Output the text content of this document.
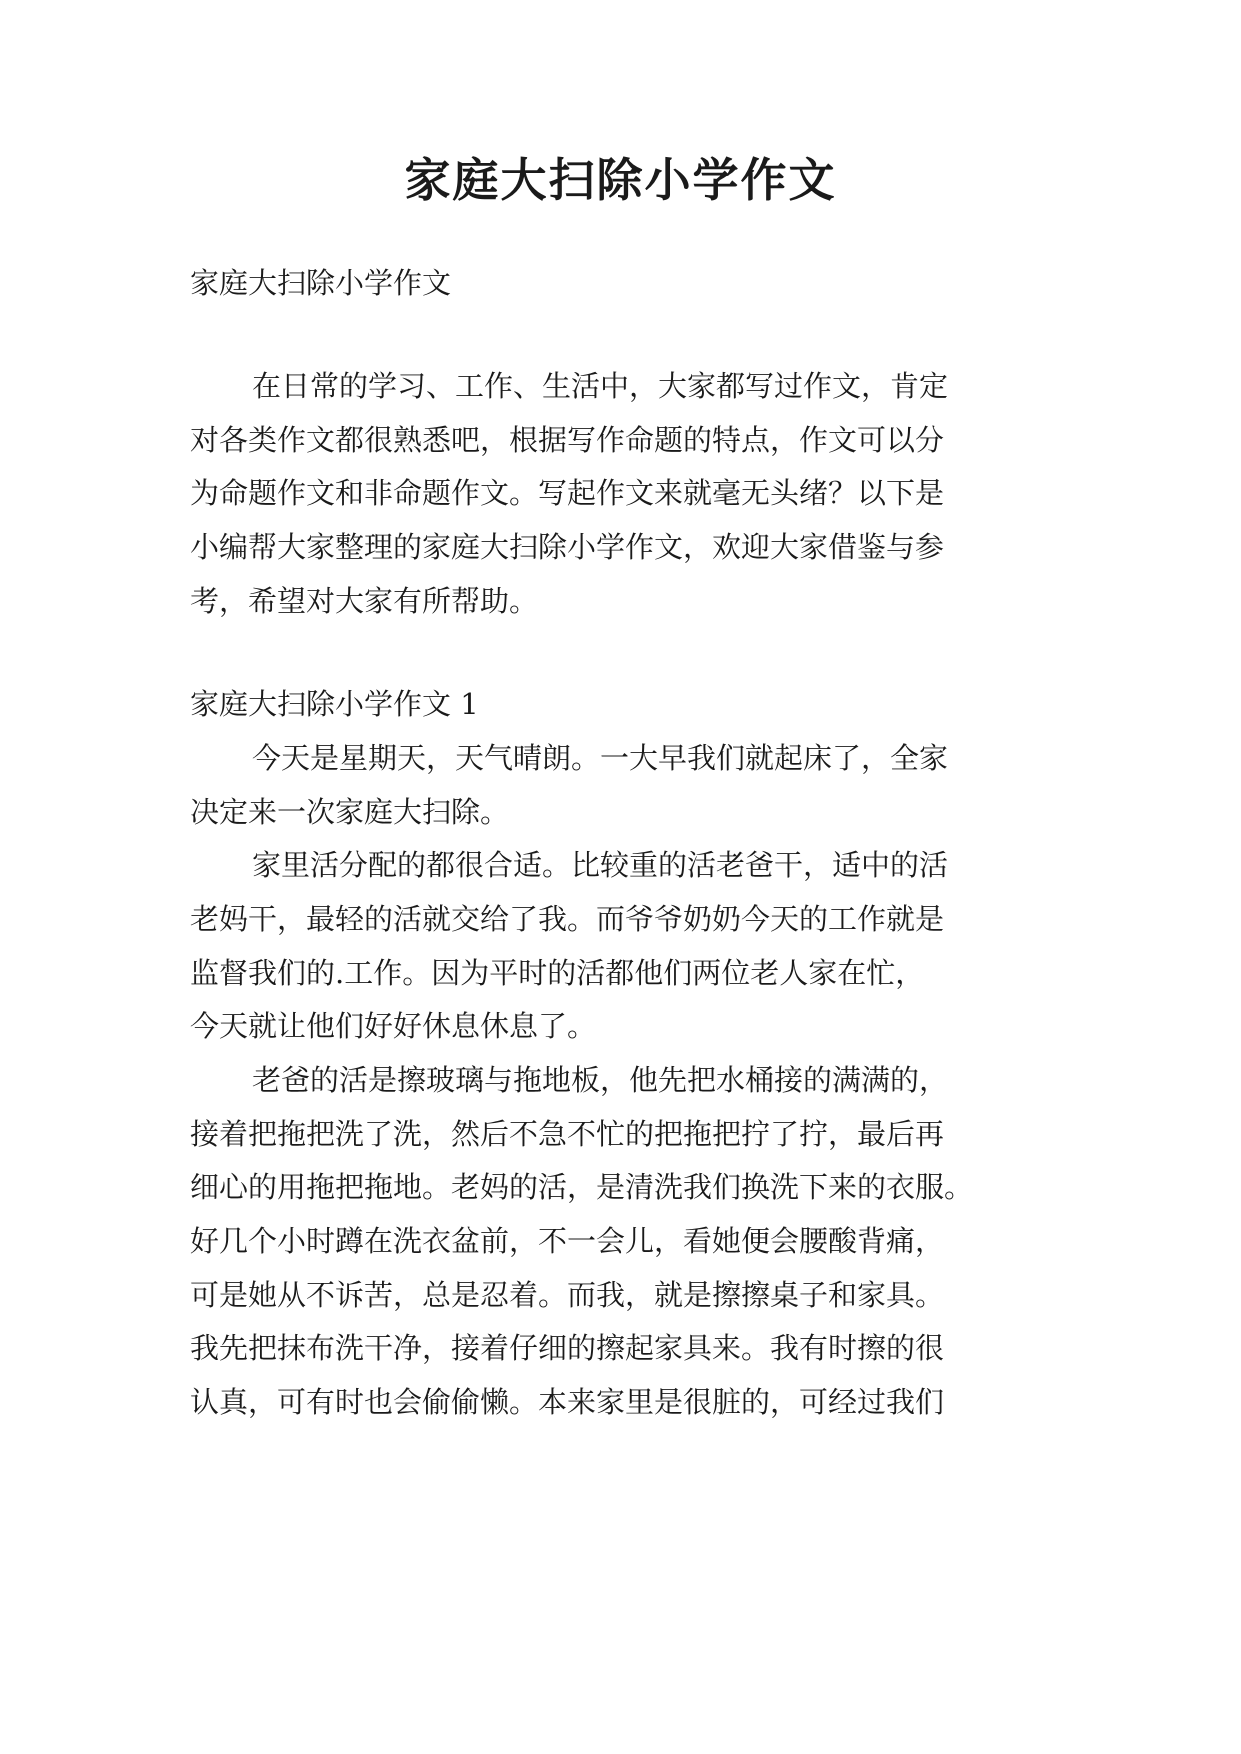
家庭大扫除小学作文

家庭大扫除小学作文

在日常的学习、工作、生活中，大家都写过作文，肯定

对各类作文都很熟悉吧，根据写作命题的特点，作文可以分

为命题作文和非命题作文。写起作文来就毫无头绪？以下是

小编帮大家整理的家庭大扫除小学作文，欢迎大家借鉴与参

考，希望对大家有所帮助。

家庭大扫除小学作文 1

今天是星期天，天气晴朗。一大早我们就起床了，全家

决定来一次家庭大扫除。

家里活分配的都很合适。比较重的活老爸干，适中的活

老妈干，最轻的活就交给了我。而爷爷奶奶今天的工作就是

监督我们的.工作。因为平时的活都他们两位老人家在忙，

今天就让他们好好休息休息了。

老爸的活是擦玻璃与拖地板，他先把水桶接的满满的，

接着把拖把洗了洗，然后不急不忙的把拖把拧了拧，最后再

细心的用拖把拖地。老妈的活，是清洗我们换洗下来的衣服。

好几个小时蹲在洗衣盆前，不一会儿，看她便会腰酸背痛，

可是她从不诉苦，总是忍着。而我，就是擦擦桌子和家具。

我先把抹布洗干净，接着仔细的擦起家具来。我有时擦的很

认真，可有时也会偷偷懒。本来家里是很脏的，可经过我们
